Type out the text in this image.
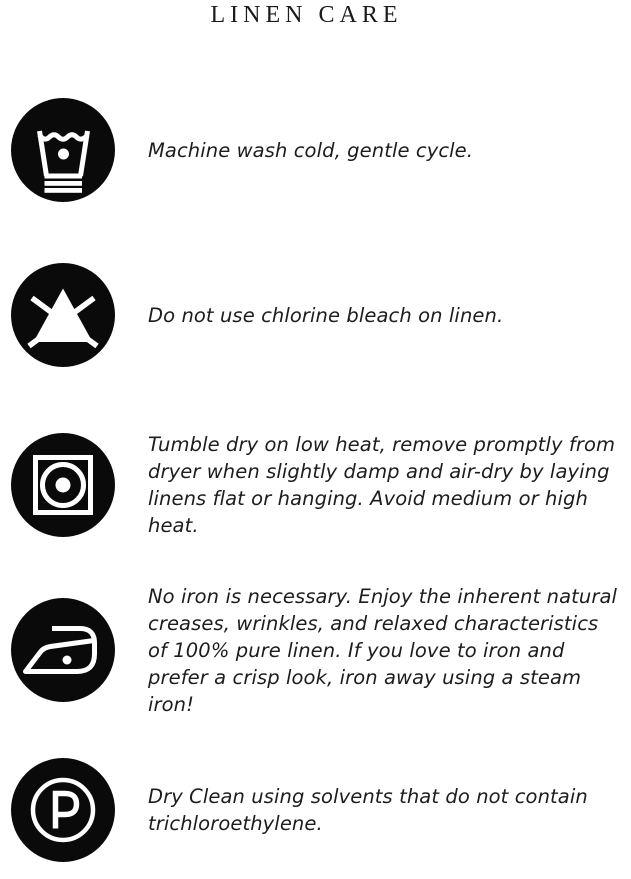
LINEN CARE
Machine wash cold, gentle cycle.
Do not use chlorine bleach on linen.
Tumble dry on low heat, remove promptly from dryer when slightly damp and air-dry by laying linens flat or hanging. Avoid medium or high heat.
No iron is necessary. Enjoy the inherent natural creases, wrinkles, and relaxed characteristics of 100% pure linen. If you love to iron and prefer a crisp look, iron away using a steam iron!
Dry Clean using solvents that do not contain trichloroethylene.
